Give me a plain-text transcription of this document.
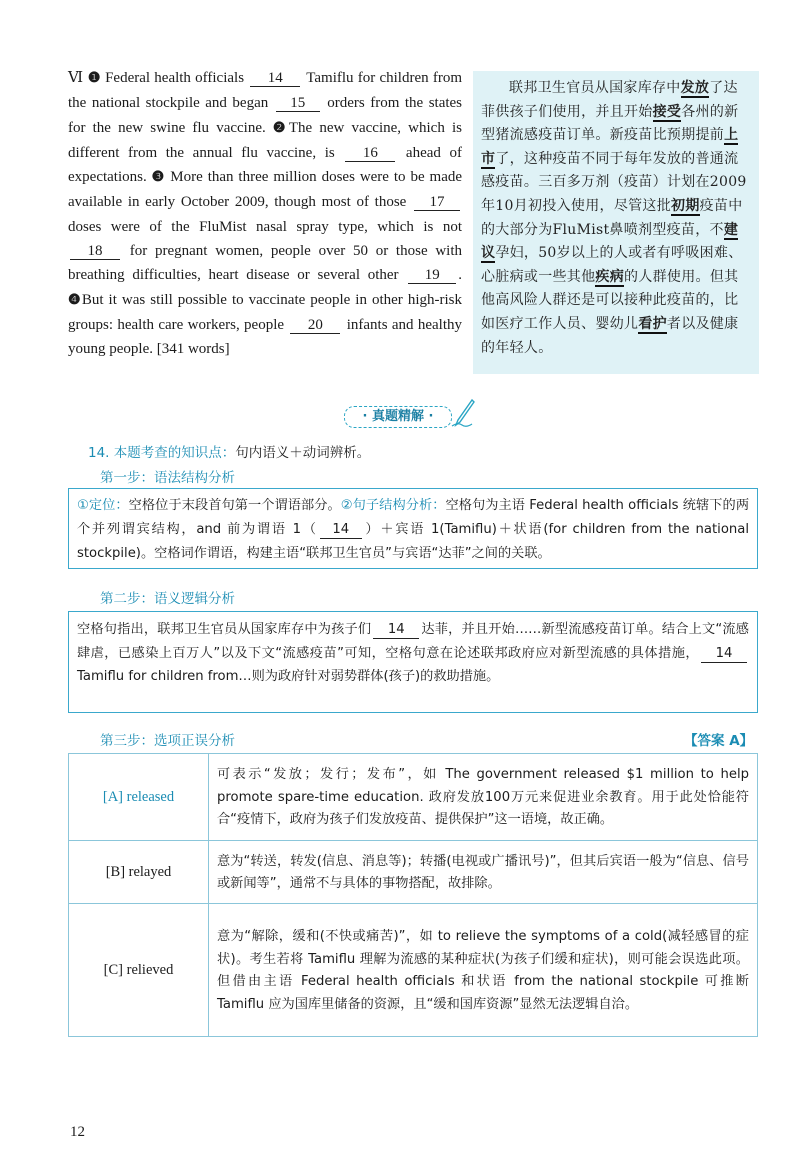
Ⅵ ❶ Federal health officials 14 Tamiflu for children from the national stockpile and began 15 orders from the states for the new swine flu vaccine. ❷The new vaccine, which is different from the annual flu vaccine, is 16 ahead of expectations. ❸ More than three million doses were to be made available in early October 2009, though most of those 17 doses were of the FluMist nasal spray type, which is not 18 for pregnant women, people over 50 or those with breathing difficulties, heart disease or several other 19 . ❹But it was still possible to vaccinate people in other high-risk groups: health care workers, people 20 infants and healthy young people. [341 words]
联邦卫生官员从国家库存中发放了达菲供孩子们使用，并且开始接受各州的新型猪流感疫苗订单。新疫苗比预期提前上市了，这种疫苗不同于每年发放的普通流感疫苗。三百多万剂（疫苗）计划在2009年10月初投入使用，尽管这批初期疫苗中的大部分为FluMist鼻喷剂型疫苗，不建议孕妇，50岁以上的人或者有呼吸困难、心脏病或一些其他疾病的人群使用。但其他高风险人群还是可以接种此疫苗的，比如医疗工作人员、婴幼儿看护者以及健康的年轻人。
· 真题精解 ·
14. 本题考查的知识点：句内语义＋动词辨析。
第一步：语法结构分析
①定位：空格位于末段首句第一个谓语部分。②句子结构分析：空格句为主语 Federal health officials 统辖下的两个并列谓宾结构，and 前为谓语 1（ 14 ）＋宾语 1(Tamiflu)＋状语(for children from the national stockpile)。空格词作谓语，构建主语“联邦卫生官员”与宾语“达菲”之间的关联。
第二步：语义逻辑分析
空格句指出，联邦卫生官员从国家库存中为孩子们 14 达菲，并且开始……新型流感疫苗订单。结合上文“流感肆虐，已感染上百万人”以及下文“流感疫苗”可知，空格句意在论述联邦政府应对新型流感的具体措施， 14Tamiflu for children from…则为政府针对弱势群体(孩子)的救助措施。
第三步：选项正误分析	【答案 A】
[A] released	可表示“发放；发行；发布”，如 The government released $1 million to help promote spare-time education. 政府发放100万元来促进业余教育。用于此处恰能符合“疫情下，政府为孩子们发放疫苗、提供保护”这一语境，故正确。
[B] relayed	意为“转送，转发(信息、消息等)；转播(电视或广播讯号)”，但其后宾语一般为“信息、信号或新闻等”，通常不与具体的事物搭配，故排除。
[C] relieved	意为“解除，缓和(不快或痛苦)”，如 to relieve the symptoms of a cold(减轻感冒的症状)。考生若将 Tamiflu 理解为流感的某种症状(为孩子们缓和症状)，则可能会误选此项。但借由主语 Federal health officials 和状语 from the national stockpile 可推断 Tamiflu 应为国库里储备的资源，且“缓和国库资源”显然无法逻辑自洽。
12
